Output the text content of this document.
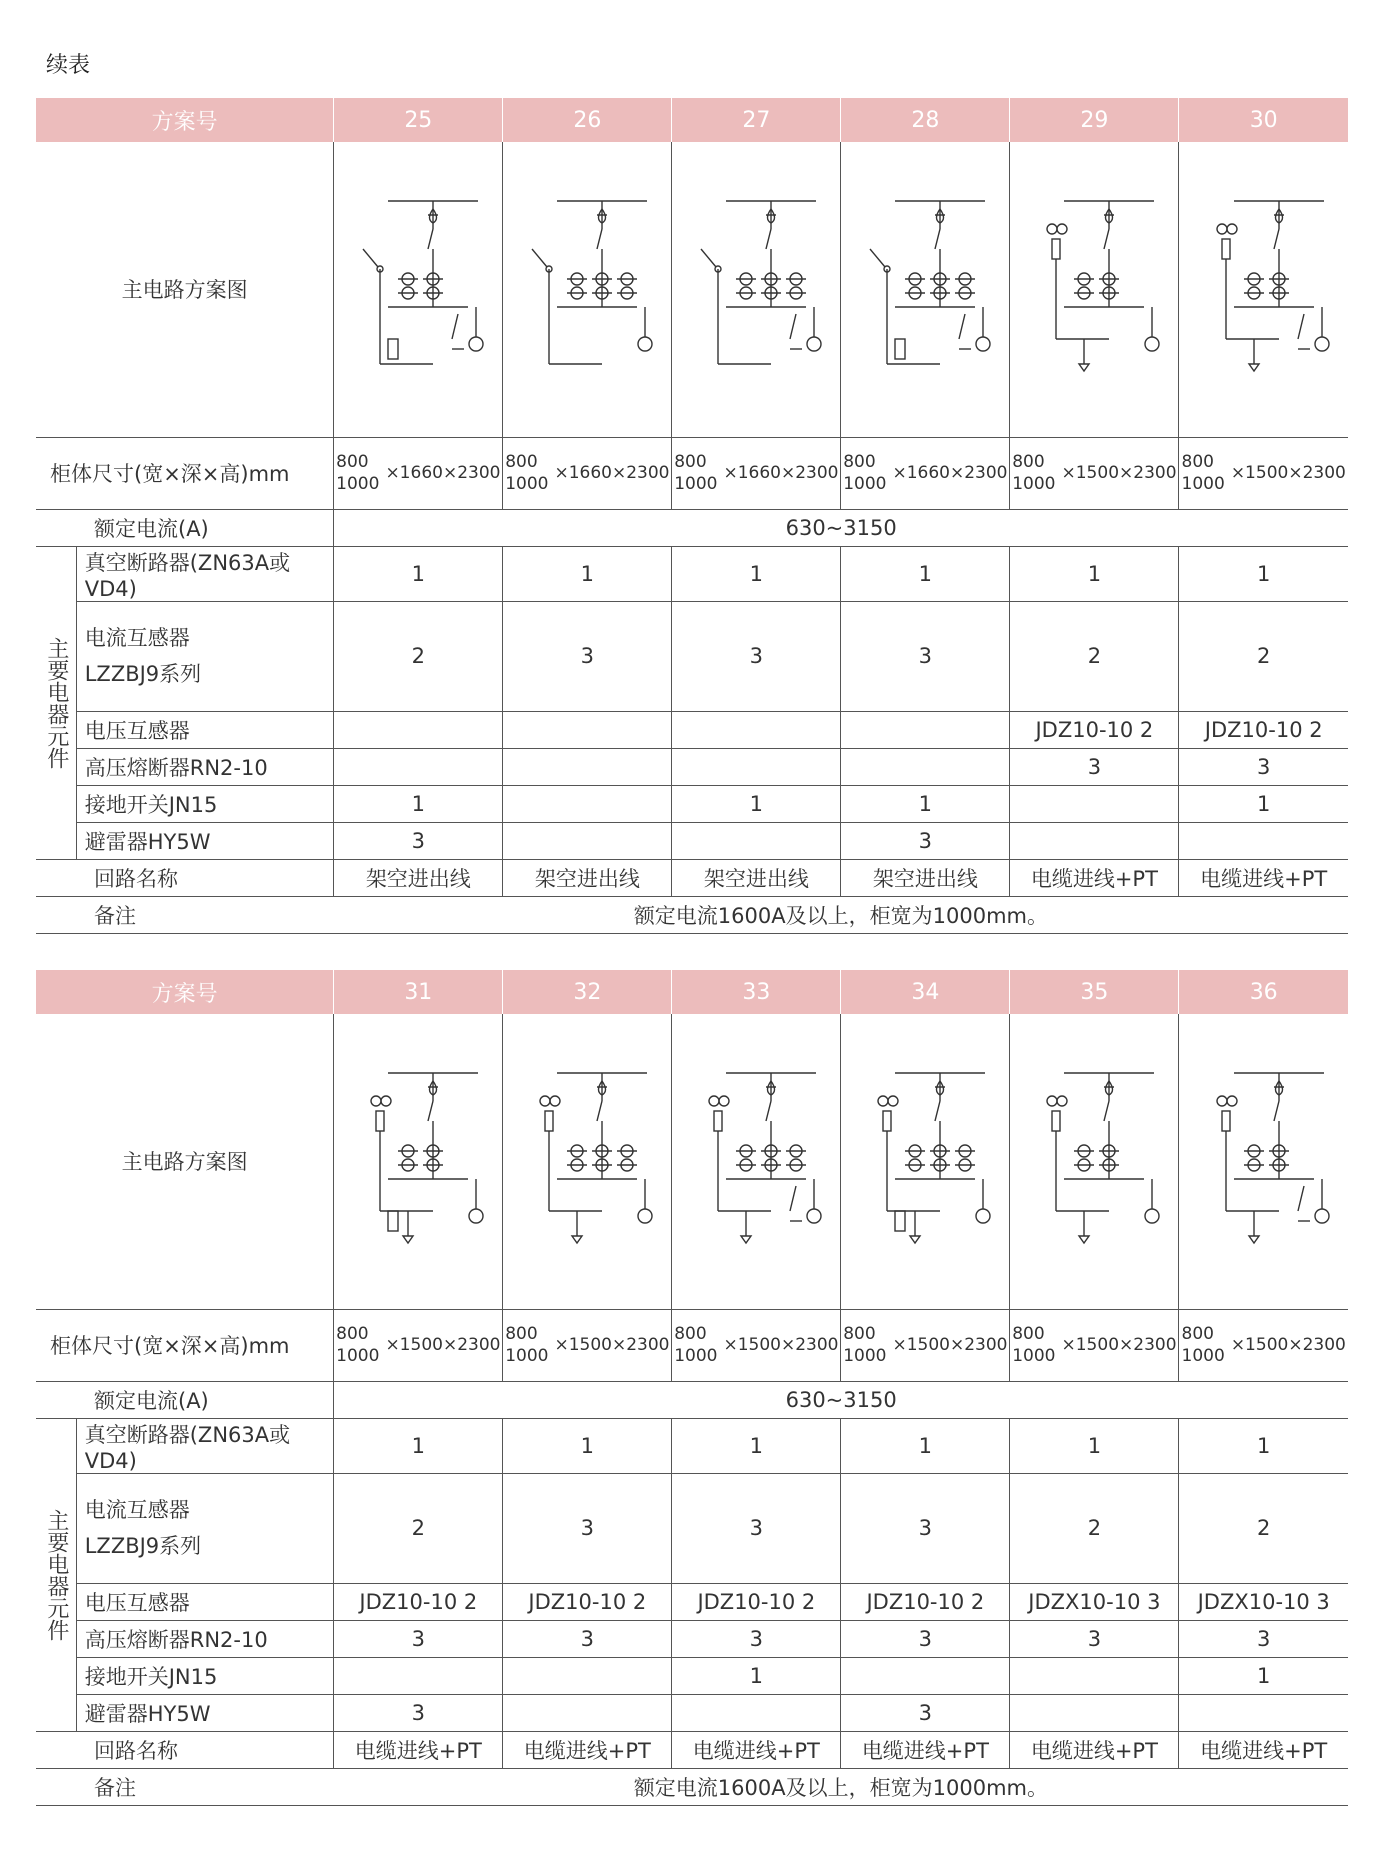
续表
方案号		25	26	27	28	29	30
主电路方案图	

柜体尺寸(宽×深×高)mm		800
1000
×1660×2300	800
1000
×1660×2300	800
1000
×1660×2300	800
1000
×1660×2300	800
1000
×1500×2300	800
1000
×1500×2300

额定电流(A)		630~3150					
主要电器元件	真空断路器(ZN63A或VD4)	1	1	1	1	1	1

	电流互感器
LZZBJ9系列	2	3	3	3	2	2
	电压互感器					JDZ10-10 2	JDZ10-10 2
	高压熔断器RN2-10					3	3
	接地开关JN15	1		1	1		1
	避雷器HY5W	3			3		
回路名称		架空进出线	架空进出线	架空进出线	架空进出线	电缆进线+PT	电缆进线+PT
备注		额定电流1600A及以上，柜宽为1000mm。					
方案号		31	32	33	34	35	36
主电路方案图	

柜体尺寸(宽×深×高)mm		800
1000
×1500×2300	800
1000
×1500×2300	800
1000
×1500×2300	800
1000
×1500×2300	800
1000
×1500×2300	800
1000
×1500×2300

额定电流(A)		630~3150					
主要电器元件	真空断路器(ZN63A或VD4)	1	1	1	1	1	1

	电流互感器
LZZBJ9系列	2	3	3	3	2	2
	电压互感器	JDZ10-10 2	JDZ10-10 2	JDZ10-10 2	JDZ10-10 2	JDZX10-10 3	JDZX10-10 3
	高压熔断器RN2-10	3	3	3	3	3	3
	接地开关JN15			1			1
	避雷器HY5W	3			3		
回路名称		电缆进线+PT	电缆进线+PT	电缆进线+PT	电缆进线+PT	电缆进线+PT	电缆进线+PT
备注		额定电流1600A及以上，柜宽为1000mm。					
